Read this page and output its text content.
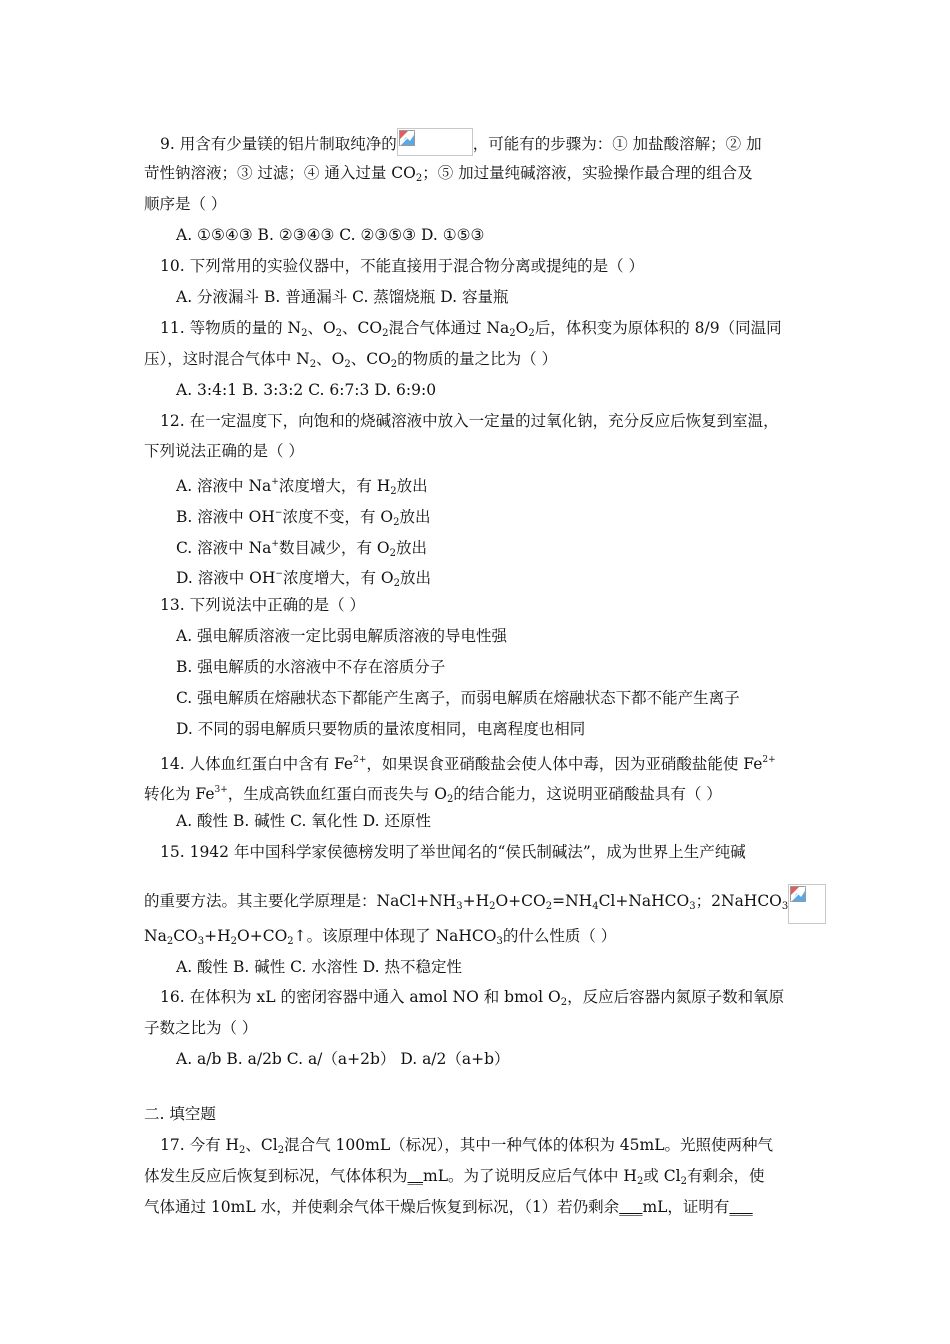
9. 用含有少量镁的铝片制取纯净的	，可能有的步骤为：① 加盐酸溶解；② 加
苛性钠溶液；③ 过滤；④ 通入过量 $CO_2$；⑤ 加过量纯碱溶液，实验操作最合理的组合及
顺序是（ ）
A. ①⑤④③ B. ②③④③ C. ②③⑤③ D. ①⑤③
10. 下列常用的实验仪器中，不能直接用于混合物分离或提纯的是（ ）
A. 分液漏斗 B. 普通漏斗 C. 蒸馏烧瓶 D. 容量瓶
11. 等物质的量的 $N_2$、$O_2$、$CO_2$混合气体通过 $Na_2O_2$后，体积变为原体积的 8/9（同温同
压），这时混合气体中 $N_2$、$O_2$、$CO_2$的物质的量之比为（ ）
A. 3:4:1 B. 3:3:2 C. 6:7:3 D. 6:9:0
12. 在一定温度下，向饱和的烧碱溶液中放入一定量的过氧化钠，充分反应后恢复到室温，
下列说法正确的是（ ）
A. 溶液中 Na+浓度增大，有 $H_2$放出
B. 溶液中 OH−浓度不变，有 $O_2$放出
C. 溶液中 Na+数目减少，有 $O_2$放出
D. 溶液中 OH−浓度增大，有 $O_2$放出
13. 下列说法中正确的是（ ）
A. 强电解质溶液一定比弱电解质溶液的导电性强
B. 强电解质的水溶液中不存在溶质分子
C. 强电解质在熔融状态下都能产生离子，而弱电解质在熔融状态下都不能产生离子
D. 不同的弱电解质只要物质的量浓度相同，电离程度也相同
14. 人体血红蛋白中含有 $Fe^{2+}$，如果误食亚硝酸盐会使人体中毒，因为亚硝酸盐能使 $Fe^{2+}$
转化为 $Fe^{3+}$，生成高铁血红蛋白而丧失与 $O_2$的结合能力，这说明亚硝酸盐具有（ ）
A. 酸性 B. 碱性 C. 氧化性 D. 还原性
15. 1942 年中国科学家侯德榜发明了举世闻名的“侯氏制碱法”，成为世界上生产纯碱
的重要方法。其主要化学原理是：$NaCl+NH_3+H_2O+CO_2=NH_4Cl+NaHCO_3$；2NaHCO$_3$
$Na_2CO_3+H_2O+CO_2↑$。该原理中体现了 NaHCO$_3$的什么性质（ ）
A. 酸性 B. 碱性 C. 水溶性 D. 热不稳定性
16. 在体积为 xL 的密闭容器中通入 amol NO 和 bmol $O_2$，反应后容器内氮原子数和氧原
子数之比为（ ）
A. a/b B. a/2b C. a/（a+2b） D. a/2（a+b）
二. 填空题
17. 今有 $H_2$、$Cl_2$混合气 100mL（标况），其中一种气体的体积为 45mL。光照使两种气
体发生反应后恢复到标况，气体体积为__mL。为了说明反应后气体中 $H_2$或 $Cl_2$有剩余，使
气体通过 10mL 水，并使剩余气体干燥后恢复到标况，（1）若仍剩余___mL，证明有___
